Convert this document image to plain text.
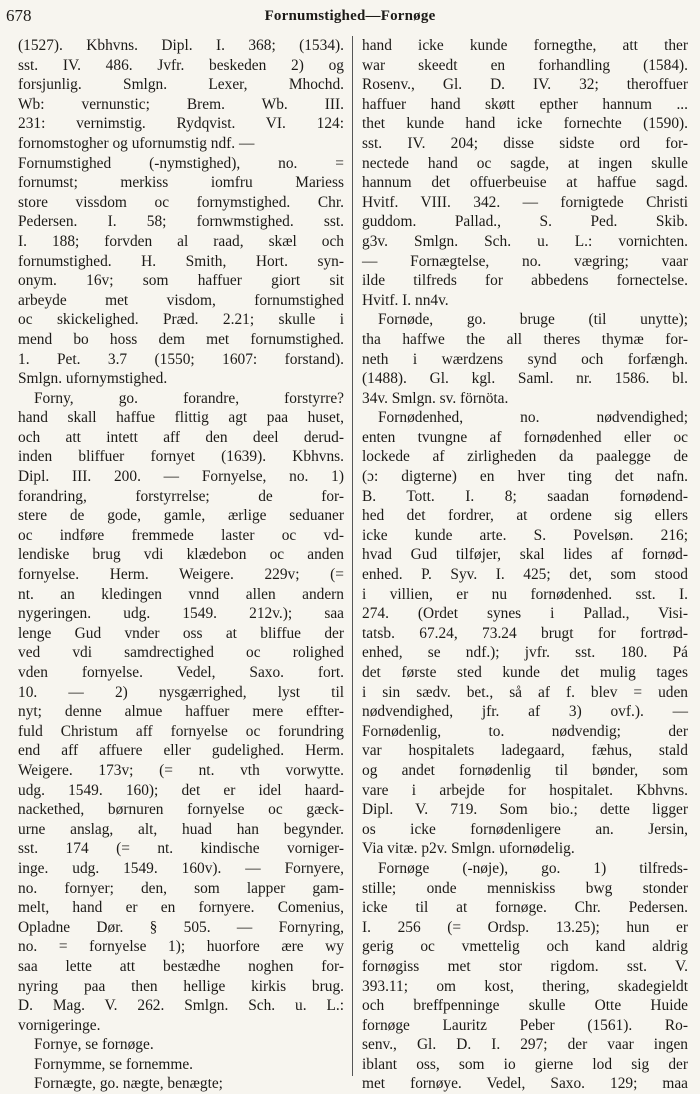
678	Fornumstighed—Fornøge
(1527). Kbhvns. Dipl. I. 368; (1534).
sst. IV. 486. Jvfr. beskeden 2) og
forsjunlig. Smlgn. Lexer, Mhochd.
Wb: vernunstic; Brem. Wb. III.
231: vernimstig. Rydqvist. VI. 124:
fornomstogher og ufornumstig ndf. —
Fornumstighed (-nymstighed), no. =
fornumst; merkiss iomfru Mariess
store vissdom oc fornymstighed. Chr.
Pedersen. I. 58; fornwmstighed. sst.
I. 188; forvden al raad, skæl och
fornumstighed. H. Smith, Hort. syn-
onym. 16v; som haffuer giort sit
arbeyde met visdom, fornumstighed
oc skickelighed. Præd. 2.21; skulle i
mend bo hoss dem met fornumstighed.
1. Pet. 3.7 (1550; 1607: forstand).
Smlgn. ufornymstighed.
Forny, go. forandre, forstyrre?
hand skall haffue flittig agt paa huset,
och att intett aff den deel derud-
inden bliffuer fornyet (1639). Kbhvns.
Dipl. III. 200. — Fornyelse, no. 1)
forandring, forstyrrelse; de for-
stere de gode, gamle, ærlige seduaner
oc indføre fremmede laster oc vd-
lendiske brug vdi klædebon oc anden
fornyelse. Herm. Weigere. 229v; (=
nt. an kledingen vnnd allen andern
nygeringen. udg. 1549. 212v.); saa
lenge Gud vnder oss at bliffue der
ved vdi samdrectighed oc rolighed
vden fornyelse. Vedel, Saxo. fort.
10. — 2) nysgærrighed, lyst til
nyt; denne almue haffuer mere effter-
fuld Christum aff fornyelse oc forundring
end aff affuere eller gudelighed. Herm.
Weigere. 173v; (= nt. vth vorwytte.
udg. 1549. 160); det er idel haard-
nackethed, børnuren fornyelse oc gæck-
urne anslag, alt, huad han begynder.
sst. 174 (= nt. kindische vorniger-
inge. udg. 1549. 160v). — Fornyere,
no. fornyer; den, som lapper gam-
melt, hand er en fornyere. Comenius,
Opladne Dør. § 505. — Fornyring,
no. = fornyelse 1); huorfore ære wy
saa lette att bestædhe noghen for-
nyring paa then hellige kirkis brug.
D. Mag. V. 262. Smlgn. Sch. u. L.:
vornigeringe.
Fornye, se fornøge.
Fornymme, se fornemme.
Fornægte, go. nægte, benægte;
hand icke kunde fornegthe, att ther
war skeedt en forhandling (1584).
Rosenv., Gl. D. IV. 32; theroffuer
haffuer hand skøtt epther hannum ...
thet kunde hand icke fornechte (1590).
sst. IV. 204; disse sidste ord for-
nectede hand oc sagde, at ingen skulle
hannum det offuerbeuise at haffue sagd.
Hvitf. VIII. 342. — fornigtede Christi
guddom. Pallad., S. Ped. Skib.
g3v. Smlgn. Sch. u. L.: vornichten.
— Fornægtelse, no. vægring; vaar
ilde tilfreds for abbedens fornectelse.
Hvitf. I. nn4v.
Fornøde, go. bruge (til unytte);
tha haffwe the all theres thymæ for-
neth i wærdzens synd och forfængh.
(1488). Gl. kgl. Saml. nr. 1586. bl.
34v. Smlgn. sv. förnöta.
Fornødenhed, no. nødvendighed;
enten tvungne af fornødenhed eller oc
lockede af zirligheden da paalegge de
(ɔ: digterne) en hver ting det nafn.
B. Tott. I. 8; saadan fornødend-
hed det fordrer, at ordene sig ellers
icke kunde arte. S. Povelsøn. 216;
hvad Gud tilføjer, skal lides af fornød-
enhed. P. Syv. I. 425; det, som stood
i villien, er nu fornødenhed. sst. I.
274. (Ordet synes i Pallad., Visi-
tatsb. 67.24, 73.24 brugt for fortrød-
enhed, se ndf.); jvfr. sst. 180. Pá
det første sted kunde det mulig tages
i sin sædv. bet., så af f. blev = uden
nødvendighed, jfr. af 3) ovf.). —
Fornødenlig, to. nødvendig; der
var hospitalets ladegaard, fæhus, stald
og andet fornødenlig til bønder, som
vare i arbejde for hospitalet. Kbhvns.
Dipl. V. 719. Som bio.; dette ligger
os icke fornødenligere an. Jersin,
Via vitæ. p2v. Smlgn. ufornødelig.
Fornøge (-nøje), go. 1) tilfreds-
stille; onde menniskiss bwg stonder
icke til at fornøge. Chr. Pedersen.
I. 256 (= Ordsp. 13.25); hun er
gerig oc vmettelig och kand aldrig
fornøgiss met stor rigdom. sst. V.
393.11; om kost, thering, skadegieldt
och breffpenninge skulle Otte Huide
fornøge Lauritz Peber (1561). Ro-
senv., Gl. D. I. 297; der vaar ingen
iblant oss, som io gierne lod sig der
met fornøye. Vedel, Saxo. 129; maa
